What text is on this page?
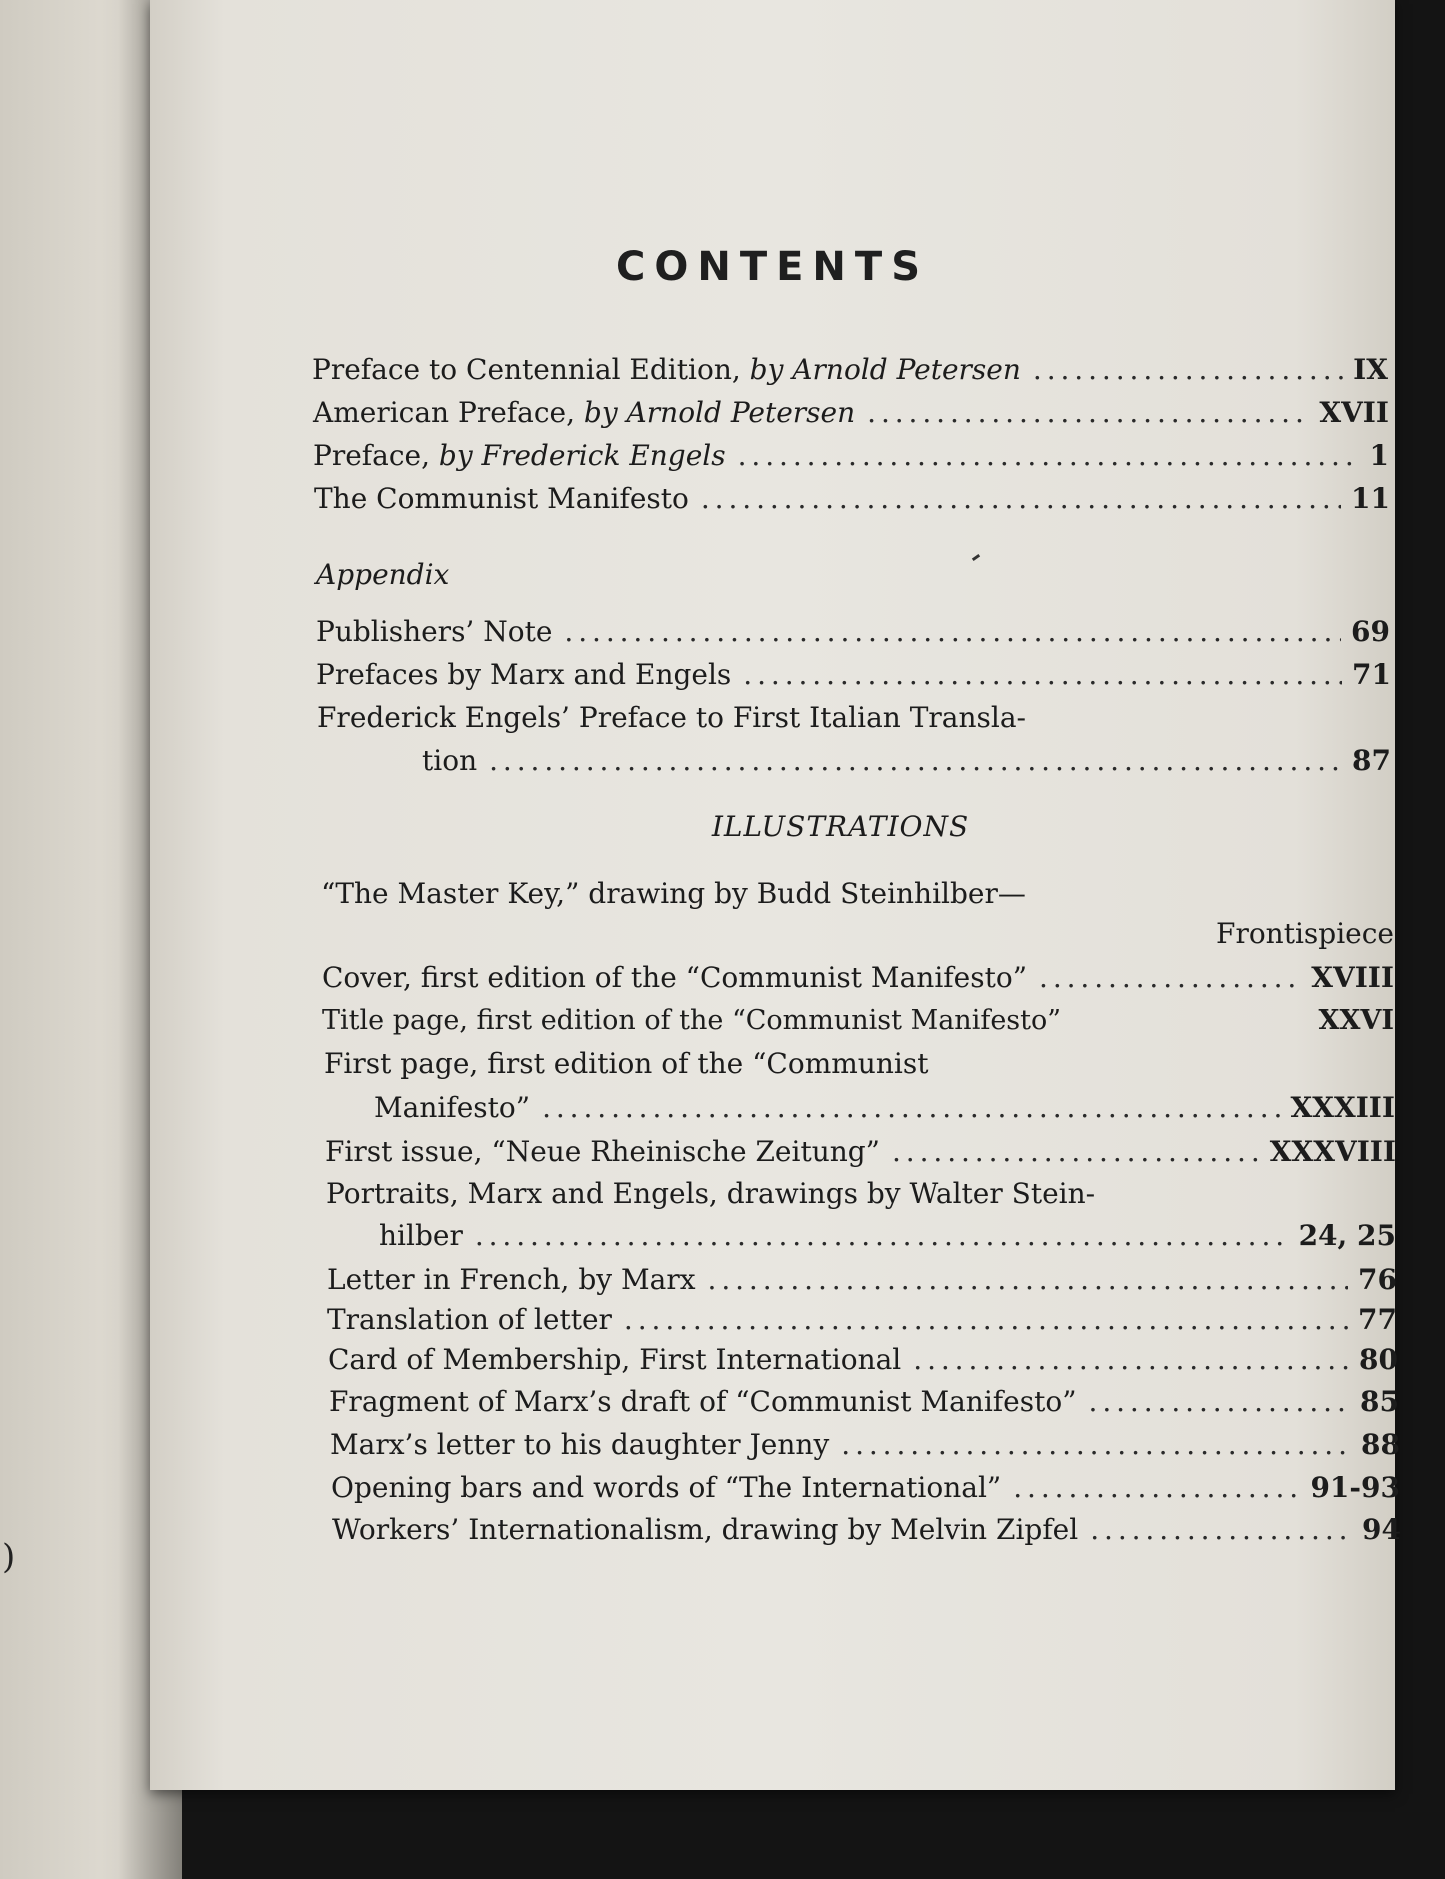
)
CONTENTS
Preface to Centennial Edition, by Arnold Petersen . . .	IX
American Preface, by Arnold Petersen . . .	XVII
Preface, by Frederick Engels . . .	1
The Communist Manifesto . . .	11
Appendix
Publishers’ Note . . .	69
Prefaces by Marx and Engels . . .	71
Frederick Engels’ Preface to First Italian Transla-
tion . . .	87
ILLUSTRATIONS
“The Master Key,” drawing by Budd Steinhilber—
Frontispiece
Cover, first edition of the “Communist Manifesto” . . .	XVIII
Title page, first edition of the “Communist Manifesto”	XXVI
First page, first edition of the “Communist
Manifesto” . . .	XXXIII
First issue, “Neue Rheinische Zeitung” . . .	XXXVIII
Portraits, Marx and Engels, drawings by Walter Stein-
hilber . . .	24, 25
Letter in French, by Marx . . .	76
Translation of letter . . .	77
Card of Membership, First International . . .	80
Fragment of Marx’s draft of “Communist Manifesto” . . .	85
Marx’s letter to his daughter Jenny . . .	88
Opening bars and words of “The International” . . .	91-93
Workers’ Internationalism, drawing by Melvin Zipfel . . .	94
